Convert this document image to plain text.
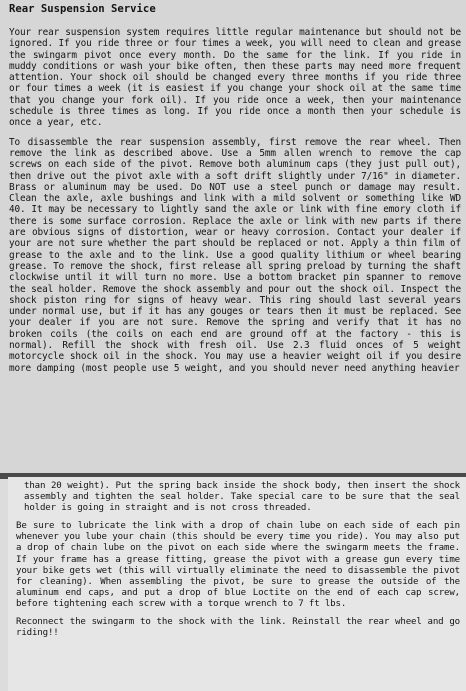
Rear Suspension Service

Your rear suspension system requires little regular maintenance but should not be ignored. If you ride three or four times a week, you will need to clean and grease the swingarm pivot once every month. Do the same for the link. If you ride in muddy conditions or wash your bike often, then these parts may need more frequent attention. Your shock oil should be changed every three months if you ride three or four times a week (it is easiest if you change your shock oil at the same time that you change your fork oil). If you ride once a week, then your maintenance schedule is three times as long. If you ride once a month then your schedule is once a year, etc.

To disassemble the rear suspension assembly, first remove the rear wheel. Then remove the link as described above. Use a 5mm allen wrench to remove the cap screws on each side of the pivot. Remove both aluminum caps (they just pull out), then drive out the pivot axle with a soft drift slightly under 7/16" in diameter. Brass or aluminum may be used. Do NOT use a steel punch or damage may result. Clean the axle, axle bushings and link with a mild solvent or something like WD 40. It may be necessary to lightly sand the axle or link with fine emory cloth if there is some surface corrosion. Replace the axle or link with new parts if there are obvious signs of distortion, wear or heavy corrosion. Contact your dealer if your are not sure whether the part should be replaced or not. Apply a thin film of grease to the axle and to the link. Use a good quality lithium or wheel bearing grease. To remove the shock, first release all spring preload by turning the shaft clockwise until it will turn no more. Use a bottom bracket pin spanner to remove the seal holder. Remove the shock assembly and pour out the shock oil. Inspect the shock piston ring for signs of heavy wear. This ring should last several years under normal use, but if it has any gouges or tears then it must be replaced. See your dealer if you are not sure. Remove the spring and verify that it has no broken coils (the coils on each end are ground off at the factory - this is normal). Refill the shock with fresh oil. Use 2.3 fluid onces of 5 weight motorcycle shock oil in the shock. You may use a heavier weight oil if you desire more damping (most people use 5 weight, and you should never need anything heavier

than 20 weight). Put the spring back inside the shock body, then insert the shock assembly and tighten the seal holder. Take special care to be sure that the seal holder is going in straight and is not cross threaded.

Be sure to lubricate the link with a drop of chain lube on each side of each pin whenever you lube your chain (this should be every time you ride). You may also put a drop of chain lube on the pivot on each side where the swingarm meets the frame. If your frame has a grease fitting, grease the pivot with a grease gun every time your bike gets wet (this will virtually eliminate the need to disassemble the pivot for cleaning). When assembling the pivot, be sure to grease the outside of the aluminum end caps, and put a drop of blue Loctite on the end of each cap screw, before tightening each screw with a torque wrench to 7 ft lbs.

Reconnect the swingarm to the shock with the link. Reinstall the rear wheel and go riding!!
